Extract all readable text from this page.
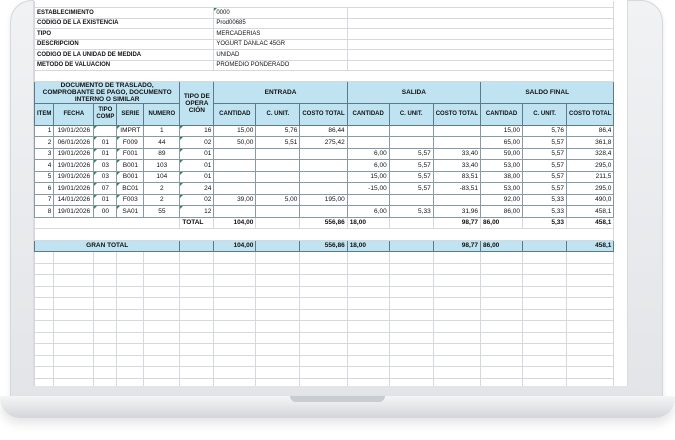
ESTABLECIMIENTO						0000								
CODIGO DE LA EXISTENCIA						Prod00685								
TIPO						MERCADERIAS								
DESCRIPCION						YOGURT DANLAC 45GR								
CODIGO DE LA UNIDAD DE MEDIDA						UNIDAD								
METODO DE VALUACION						PROMEDIO PONDERADO								

DOCUMENTO DE TRASLADO, COMPROBANTE DE PAGO, DOCUMENTO INTERNO O SIMILAR					TIPO DE OPERA CIÓN	ENTRADA			SALIDA			SALDO FINAL		
ITEM	FECHA	TIPO COMP	SERIE	NUMERO		CANTIDAD	C. UNIT.	COSTO TOTAL	CANTIDAD	C. UNIT.	COSTO TOTAL	CANTIDAD	C. UNIT.	COSTO TOTAL
1	19/01/2026		IMPRT	1	16	15,00	5,76	86,44				15,00	5,76	86,4
2	06/01/2026	01	F009	44	02	50,00	5,51	275,42				65,00	5,57	361,8
3	19/01/2026	01	F001	89	01				6,00	5,57	33,40	59,00	5,57	328,4
4	19/01/2026	03	B001	103	01				6,00	5,57	33,40	53,00	5,57	295,0
5	19/01/2026	03	B001	104	01				15,00	5,57	83,51	38,00	5,57	211,5
6	19/01/2026	07	BC01	2	24				-15,00	5,57	-83,51	53,00	5,57	295,0
7	14/01/2026	01	F003	2	02	39,00	5,00	195,00				92,00	5,33	490,0
8	19/01/2026	00	SA01	55	12				6,00	5,33	31,96	86,00	5,33	458,1
					TOTAL	104,00		556,86	18,00		98,77	86,00	5,33	458,1

GRAN TOTAL						104,00		556,86	18,00		98,77	86,00		458,1
